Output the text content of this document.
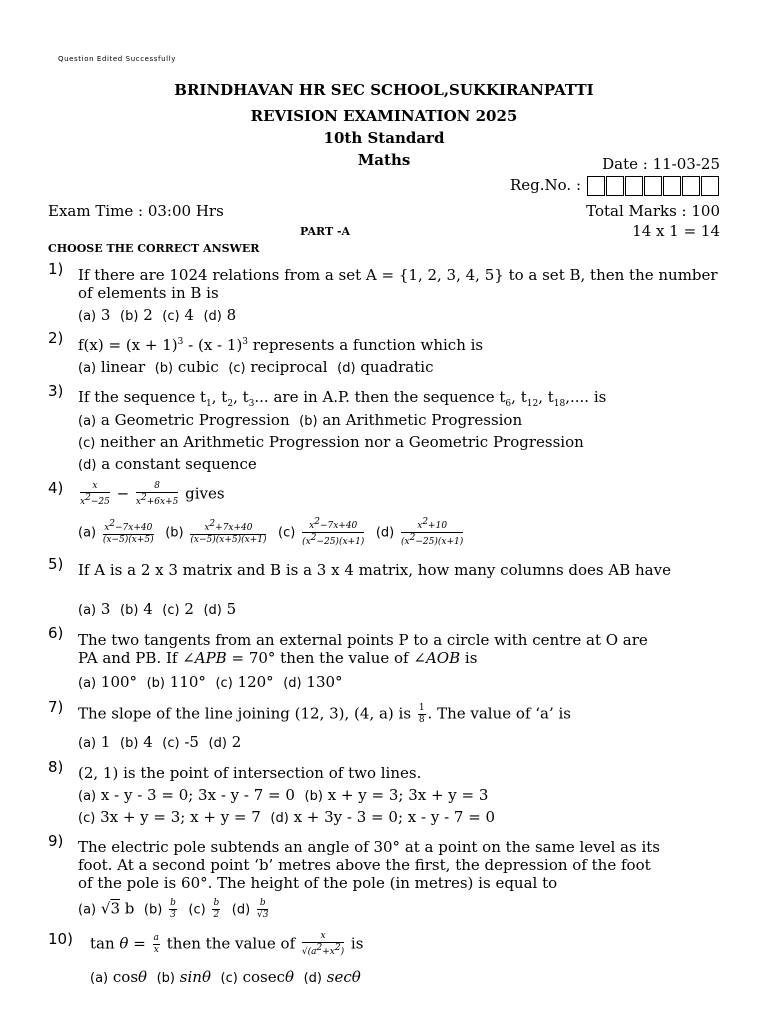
Question Edited Successfully
BRINDHAVAN HR SEC SCHOOL,SUKKIRANPATTI
REVISION EXAMINATION 2025
10th Standard
Maths	Date : 11-03-25
Reg.No. :
Exam Time : 03:00 Hrs	Total Marks : 100
PART -A	14 x 1 = 14
CHOOSE THE CORRECT ANSWER
1) If there are 1024 relations from a set A = {1, 2, 3, 4, 5} to a set B, then the number of elements in B is
(a) 3 (b) 2 (c) 4 (d) 8
2) $f(x) = (x + 1)^3 - (x - 1)^3$ represents a function which is
(a) linear (b) cubic (c) reciprocal (d) quadratic
3) If the sequence $t_1$, $t_2$, $t_3$... are in A.P. then the sequence $t_6$, $t_{12}$, $t_{18}$,.... is
(a) a Geometric Progression (b) an Arithmetic Progression
(c) neither an Arithmetic Progression nor a Geometric Progression
(d) a constant sequence
$4) \frac{x}{x^2-25} - \frac{8}{x^2+6x+5}$ gives
$(a) \frac{x^2-7x+40}{(x-5)(x+5)} (b) \frac{x^2+7x+40}{(x-5)(x+5)(x+1)} (c) \frac{x^2-7x+40}{(x^2-25)(x+1)} (d) \frac{x^2+10}{(x^2-25)(x+1)}$
5) If A is a 2 x 3 matrix and B is a 3 x 4 matrix, how many columns does AB have
(a) 3 (b) 4 (c) 2 (d) 5
6) The two tangents from an external points P to a circle with centre at O are
PA and PB. If ∠APB = 70° then the value of ∠AOB is
(a) 100° (b) 110° (c) 120° (d) 130°
7) The slope of the line joining (12, 3), (4, a) is $\frac{1}{8}$ . The value of ‘a’ is
(a) 1 (b) 4 (c) -5 (d) 2
8) (2, 1) is the point of intersection of two lines.
(a) x - y - 3 = 0; 3x - y - 7 = 0 (b) x + y = 3; 3x + y = 3
(c) 3x + y = 3; x + y = 7 (d) x + 3y - 3 = 0; x - y - 7 = 0
9) The electric pole subtends an angle of 30° at a point on the same level as its
foot. At a second point ‘b’ metres above the first, the depression of the foot
of the pole is 60°. The height of the pole (in metres) is equal to
(a) √3 b  $(b) \frac{b}{3} (c) \frac{b}{2} (d) \frac{b}{√3}$
10) $\tan \theta = \frac{a}{x}$ then the value of $\frac{x}{√(a^2+x^2)}$ is
(a) cosθ (b) sinθ (c) cosecθ (d) secθ
